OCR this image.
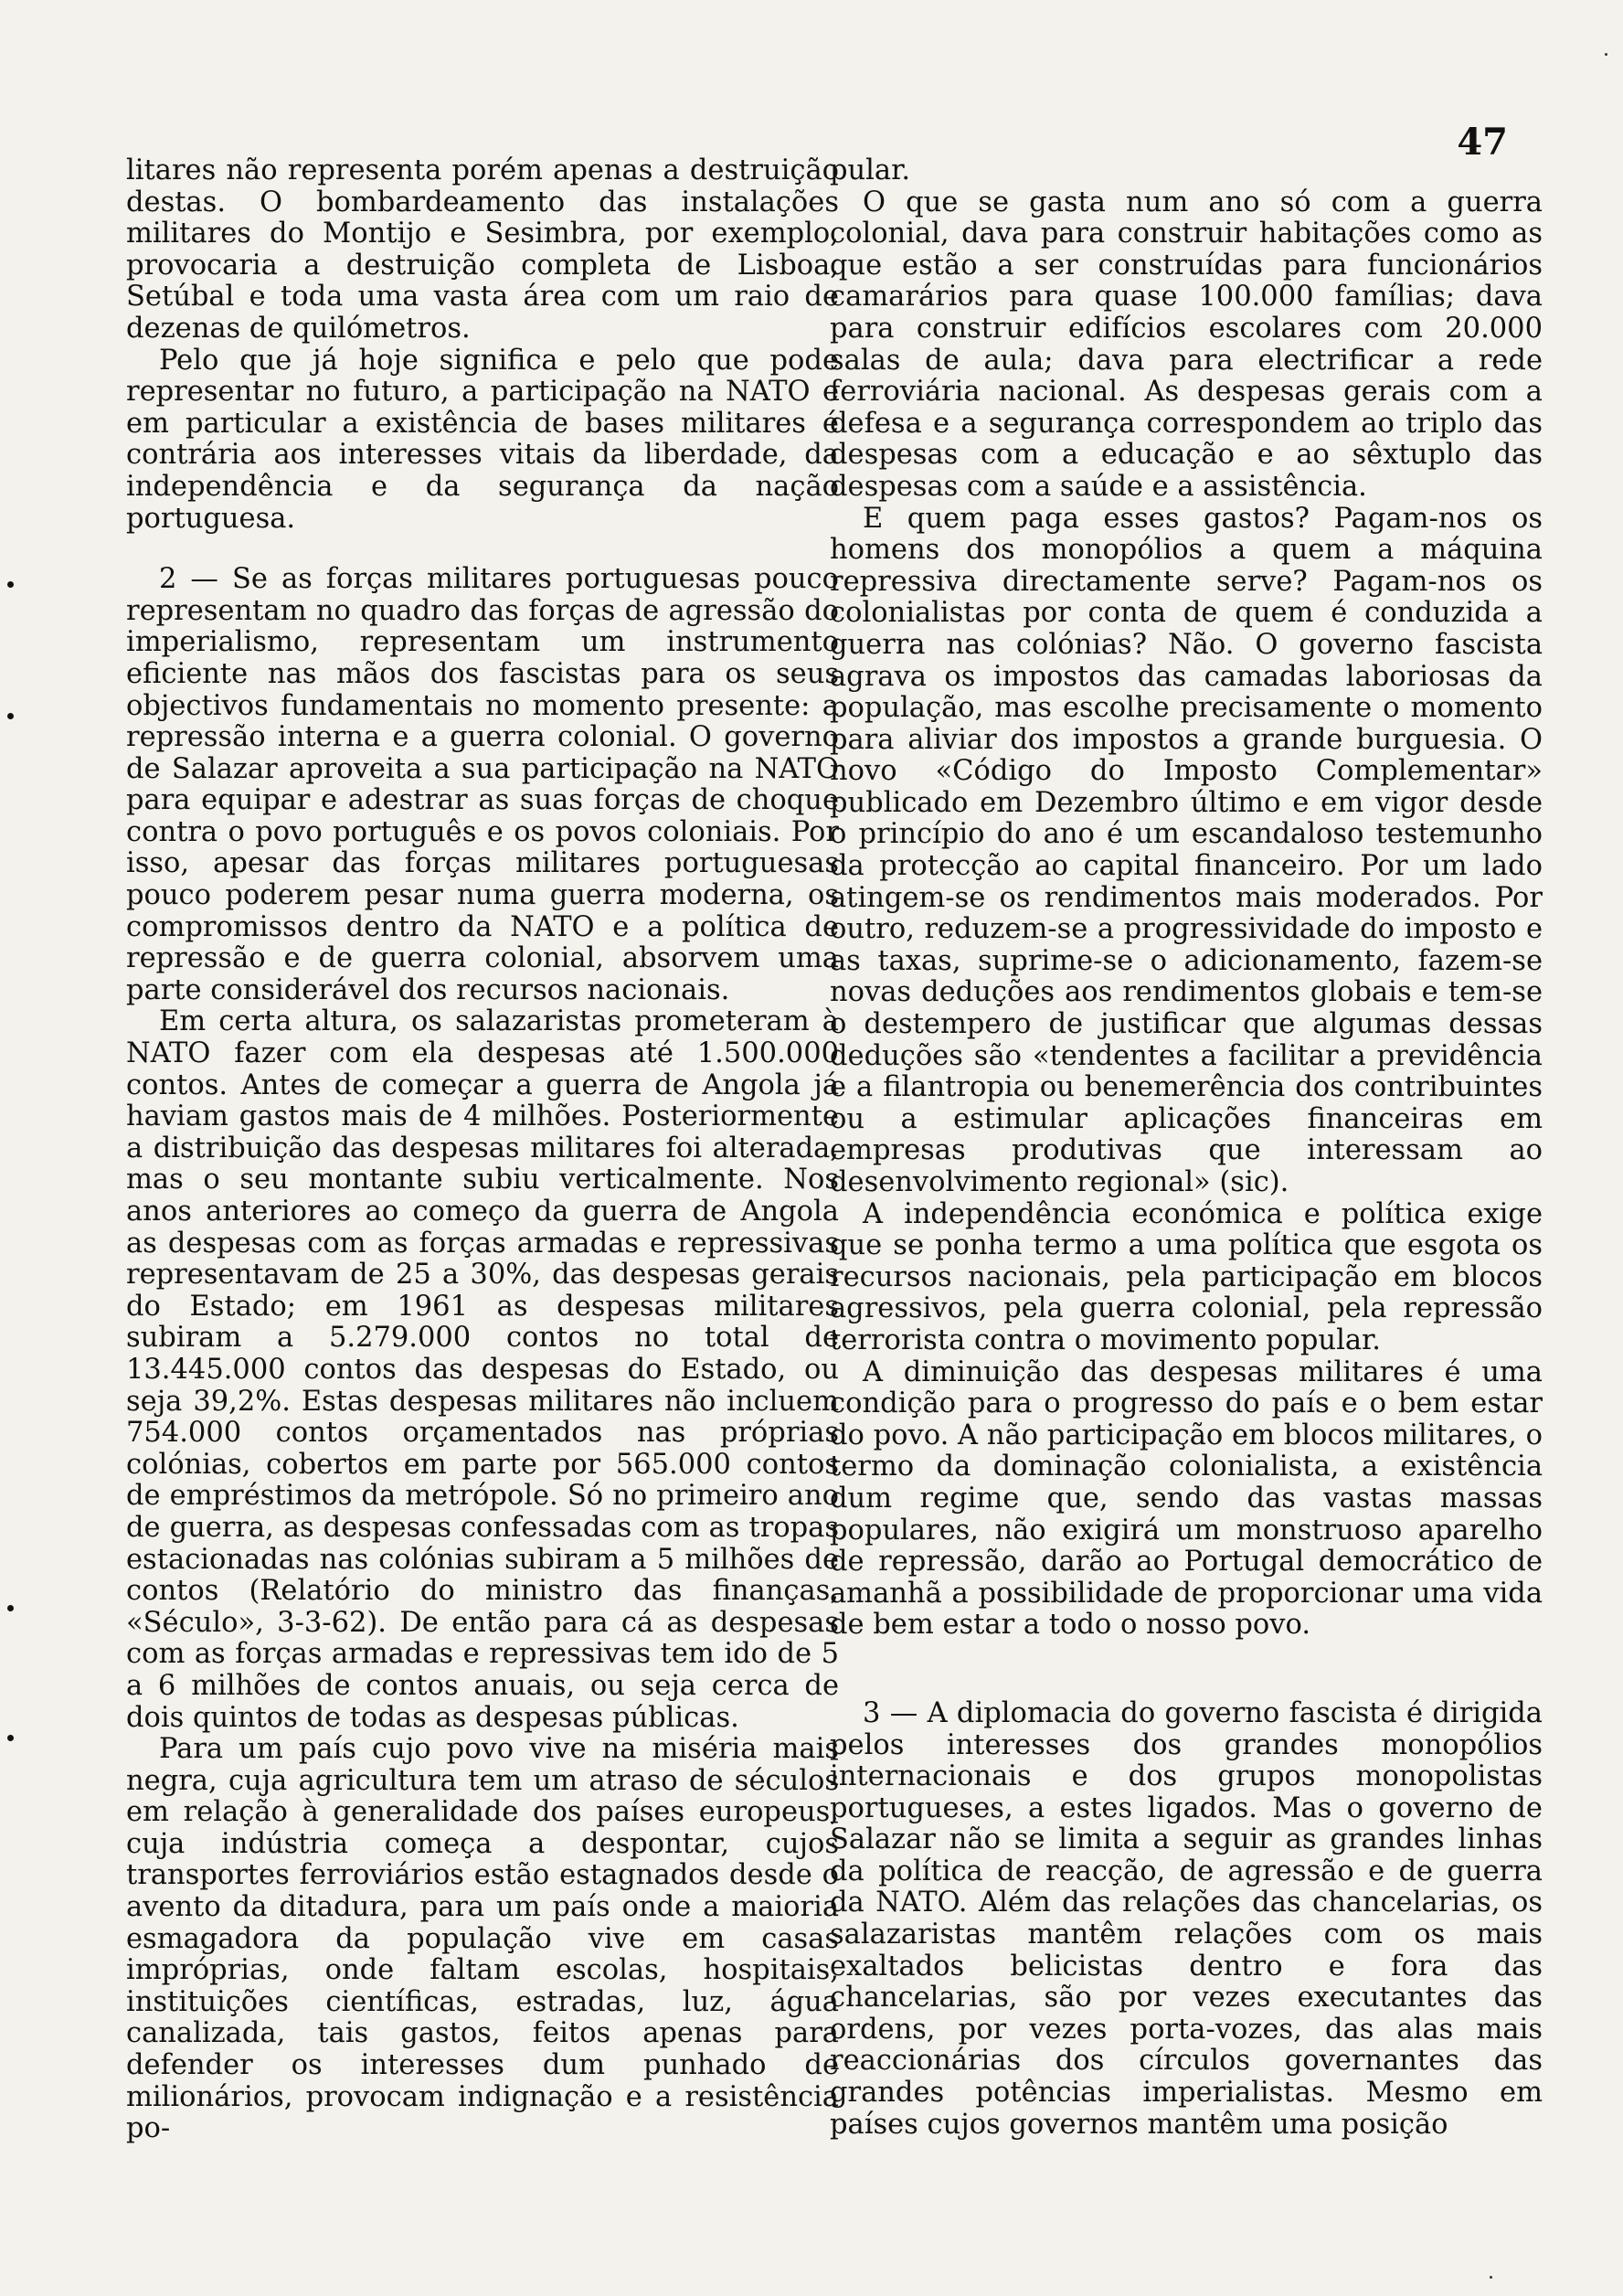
47

litares não representa porém apenas a destruição destas. O bombardeamento das instalações militares do Montijo e Sesimbra, por exemplo, provocaria a destruição completa de Lisboa, Setúbal e toda uma vasta área com um raio de dezenas de quilómetros.

Pelo que já hoje significa e pelo que pode representar no futuro, a participação na NATO e em particular a existência de bases militares é contrária aos interesses vitais da liberdade, da independência e da segurança da nação portuguesa.

2 — Se as forças militares portuguesas pouco representam no quadro das forças de agressão do imperialismo, representam um instrumento eficiente nas mãos dos fascistas para os seus objectivos fundamentais no momento presente: a repressão interna e a guerra colonial. O governo de Salazar aproveita a sua participação na NATO para equipar e adestrar as suas forças de choque contra o povo português e os povos coloniais. Por isso, apesar das forças militares portuguesas pouco poderem pesar numa guerra moderna, os compromissos dentro da NATO e a política de repressão e de guerra colonial, absorvem uma parte considerável dos recursos nacionais.

Em certa altura, os salazaristas prometeram à NATO fazer com ela despesas até 1.500.000 contos. Antes de começar a guerra de Angola já haviam gastos mais de 4 milhões. Posteriormente a distribuição das despesas militares foi alterada, mas o seu montante subiu verticalmente. Nos anos anteriores ao começo da guerra de Angola as despesas com as forças armadas e repressivas representavam de 25 a 30%, das despesas gerais do Estado; em 1961 as despesas militares subiram a 5.279.000 contos no total de 13.445.000 contos das despesas do Estado, ou seja 39,2%. Estas despesas militares não incluem 754.000 contos orçamentados nas próprias colónias, cobertos em parte por 565.000 contos de empréstimos da metrópole. Só no primeiro ano de guerra, as despesas confessadas com as tropas estacionadas nas colónias subiram a 5 milhões de contos (Relatório do ministro das finanças, «Século», 3-3-62). De então para cá as despesas com as forças armadas e repressivas tem ido de 5 a 6 milhões de contos anuais, ou seja cerca de dois quintos de todas as despesas públicas.

Para um país cujo povo vive na miséria mais negra, cuja agricultura tem um atraso de séculos em relação à generalidade dos países europeus, cuja indústria começa a despontar, cujos transportes ferroviários estão estagnados desde o avento da ditadura, para um país onde a maioria esmagadora da população vive em casas impróprias, onde faltam escolas, hospitais, instituições científicas, estradas, luz, água canalizada, tais gastos, feitos apenas para defender os interesses dum punhado de milionários, provocam indignação e a resistência po-

pular.

O que se gasta num ano só com a guerra colonial, dava para construir habitações como as que estão a ser construídas para funcionários camarários para quase 100.000 famílias; dava para construir edifícios escolares com 20.000 salas de aula; dava para electrificar a rede ferroviária nacional. As despesas gerais com a defesa e a segurança correspondem ao triplo das despesas com a educação e ao sêxtuplo das despesas com a saúde e a assistência.

E quem paga esses gastos? Pagam-nos os homens dos monopólios a quem a máquina repressiva directamente serve? Pagam-nos os colonialistas por conta de quem é conduzida a guerra nas colónias? Não. O governo fascista agrava os impostos das camadas laboriosas da população, mas escolhe precisamente o momento para aliviar dos impostos a grande burguesia. O novo «Código do Imposto Complementar» publicado em Dezembro último e em vigor desde o princípio do ano é um escandaloso testemunho da protecção ao capital financeiro. Por um lado atingem-se os rendimentos mais moderados. Por outro, reduzem-se a progressividade do imposto e as taxas, suprime-se o adicionamento, fazem-se novas deduções aos rendimentos globais e tem-se o destempero de justificar que algumas dessas deduções são «tendentes a facilitar a previdência e a filantropia ou benemerência dos contribuintes ou a estimular aplicações financeiras em empresas produtivas que interessam ao desenvolvimento regional» (sic).

A independência económica e política exige que se ponha termo a uma política que esgota os recursos nacionais, pela participação em blocos agressivos, pela guerra colonial, pela repressão terrorista contra o movimento popular.

A diminuição das despesas militares é uma condição para o progresso do país e o bem estar do povo. A não participação em blocos militares, o termo da dominação colonialista, a existência dum regime que, sendo das vastas massas populares, não exigirá um monstruoso aparelho de repressão, darão ao Portugal democrático de amanhã a possibilidade de proporcionar uma vida de bem estar a todo o nosso povo.

3 — A diplomacia do governo fascista é dirigida pelos interesses dos grandes monopólios internacionais e dos grupos monopolistas portugueses, a estes ligados. Mas o governo de Salazar não se limita a seguir as grandes linhas da política de reacção, de agressão e de guerra da NATO. Além das relações das chancelarias, os salazaristas mantêm relações com os mais exaltados belicistas dentro e fora das chancelarias, são por vezes executantes das ordens, por vezes porta-vozes, das alas mais reaccionárias dos círculos governantes das grandes potências imperialistas. Mesmo em países cujos governos mantêm uma posição
